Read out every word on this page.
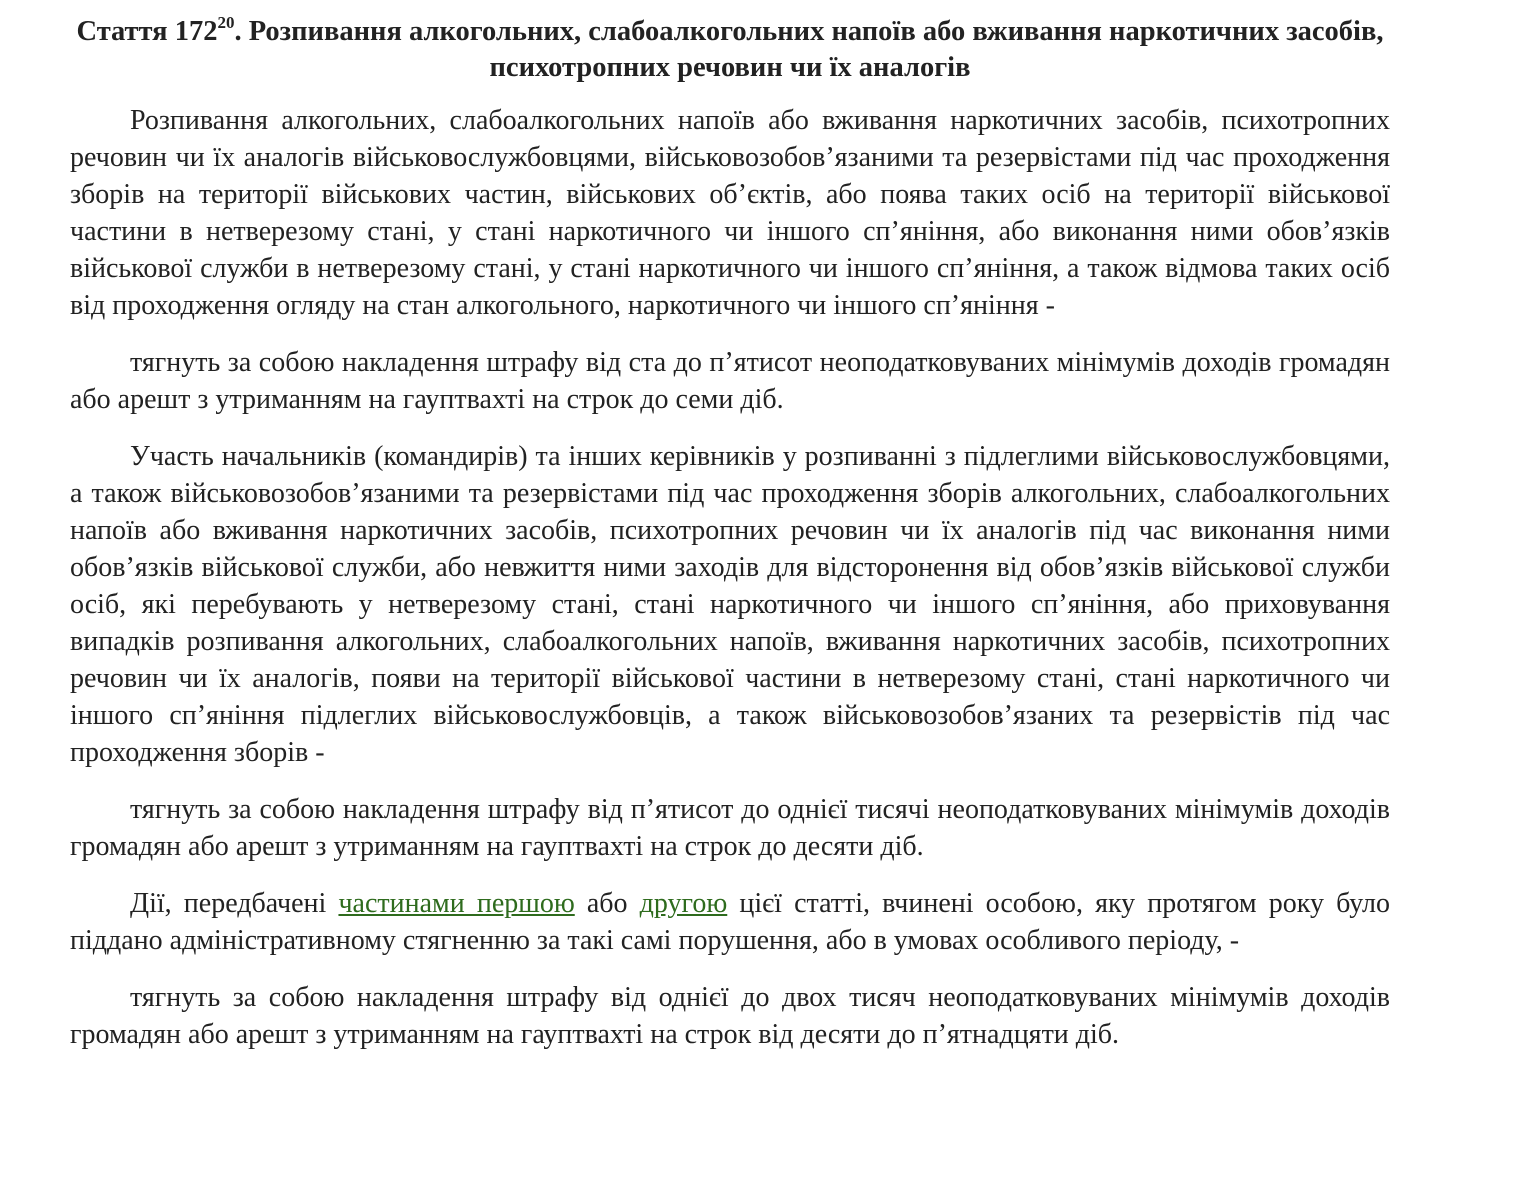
Стаття $172^{20}$. Розпивання алкогольних, слабоалкогольних напоїв або вживання наркотичних засобів, психотропних речовин чи їх аналогів

Розпивання алкогольних, слабоалкогольних напоїв або вживання наркотичних засобів, психотропних речовин чи їх аналогів військовослужбовцями, військовозобов’язаними та резервістами під час проходження зборів на території військових частин, військових об’єктів, або поява таких осіб на території військової частини в нетверезому стані, у стані наркотичного чи іншого сп’яніння, або виконання ними обов’язків військової служби в нетверезому стані, у стані наркотичного чи іншого сп’яніння, а також відмова таких осіб від проходження огляду на стан алкогольного, наркотичного чи іншого сп’яніння -

тягнуть за собою накладення штрафу від ста до п’ятисот неоподатковуваних мінімумів доходів громадян або арешт з утриманням на гауптвахті на строк до семи діб.

Участь начальників (командирів) та інших керівників у розпиванні з підлеглими військовослужбовцями, а також військовозобов’язаними та резервістами під час проходження зборів алкогольних, слабоалкогольних напоїв або вживання наркотичних засобів, психотропних речовин чи їх аналогів під час виконання ними обов’язків військової служби, або невжиття ними заходів для відсторонення від обов’язків військової служби осіб, які перебувають у нетверезому стані, стані наркотичного чи іншого сп’яніння, або приховування випадків розпивання алкогольних, слабоалкогольних напоїв, вживання наркотичних засобів, психотропних речовин чи їх аналогів, появи на території військової частини в нетверезому стані, стані наркотичного чи іншого сп’яніння підлеглих військовослужбовців, а також військовозобов’язаних та резервістів під час проходження зборів -

тягнуть за собою накладення штрафу від п’ятисот до однієї тисячі неоподатковуваних мінімумів доходів громадян або арешт з утриманням на гауптвахті на строк до десяти діб.

Дії, передбачені частинами першою або другою цієї статті, вчинені особою, яку протягом року було піддано адміністративному стягненню за такі самі порушення, або в умовах особливого періоду, -

тягнуть за собою накладення штрафу від однієї до двох тисяч неоподатковуваних мінімумів доходів громадян або арешт з утриманням на гауптвахті на строк від десяти до п’ятнадцяти діб.
